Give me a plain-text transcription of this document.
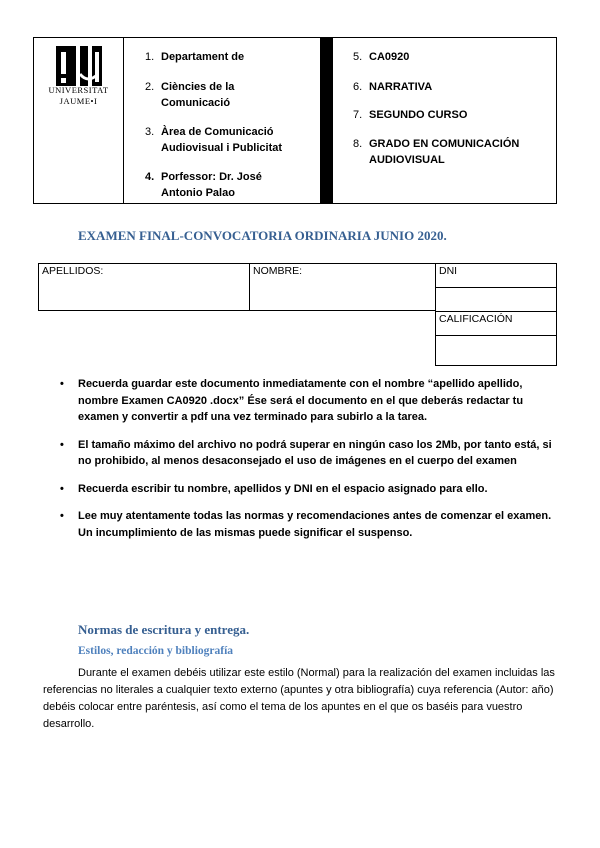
UNIVERSITAT
JAUME•I
1. Departament de
2. Ciències de la Comunicació
3. Àrea de Comunicació Audiovisual i Publicitat
4. Porfessor: Dr. José Antonio Palao
5. CA0920
6. NARRATIVA
7. SEGUNDO CURSO
8. GRADO EN COMUNICACIÓN AUDIOVISUAL
EXAMEN FINAL-CONVOCATORIA ORDINARIA JUNIO 2020.
APELLIDOS:	NOMBRE:	DNI
CALIFICACIÓN
• Recuerda guardar este documento inmediatamente con el nombre “apellido apellido, nombre Examen CA0920 .docx” Ése será el documento en el que deberás redactar tu examen y convertir a pdf una vez terminado para subirlo a la tarea.
• El tamaño máximo del archivo no podrá superar en ningún caso los 2Mb, por tanto está, si no prohibido, al menos desaconsejado el uso de imágenes en el cuerpo del examen
• Recuerda escribir tu nombre, apellidos y DNI en el espacio asignado para ello.
• Lee muy atentamente todas las normas y recomendaciones antes de comenzar el examen. Un incumplimiento de las mismas puede significar el suspenso.
Normas de escritura y entrega.
Estilos, redacción y bibliografía
Durante el examen debéis utilizar este estilo (Normal) para la realización del examen incluidas las referencias no literales a cualquier texto externo (apuntes y otra bibliografía) cuya referencia (Autor: año) debéis colocar entre paréntesis, así como el tema de los apuntes en el que os baséis para vuestro desarrollo.
